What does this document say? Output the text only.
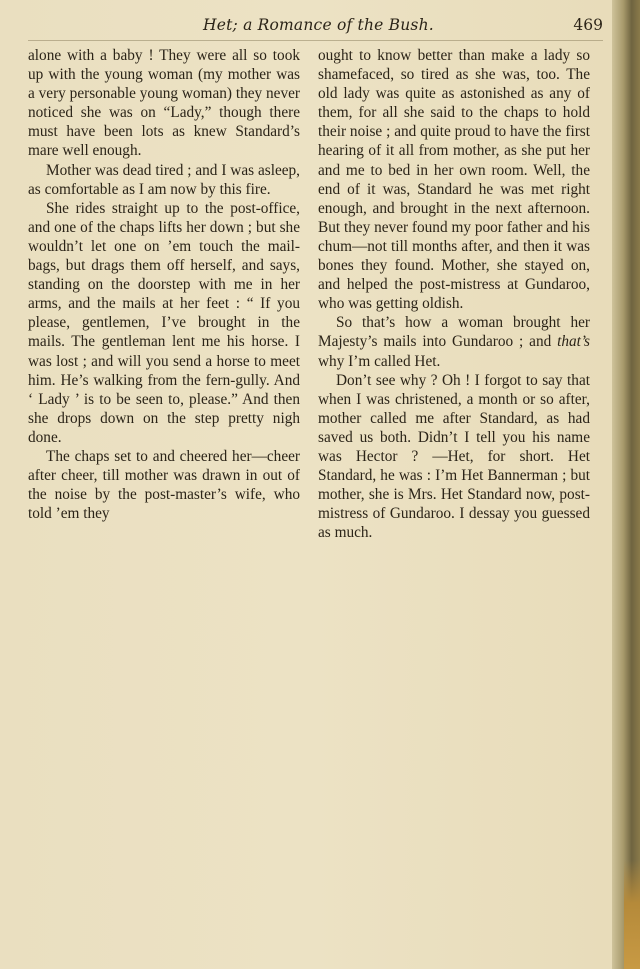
Het; a Romance of the Bush.	469

alone with a baby ! They were all so took up with the young woman (my mother was a very personable young woman) they never noticed she was on “Lady,” though there must have been lots as knew Standard’s mare well enough.

Mother was dead tired ; and I was asleep, as comfortable as I am now by this fire.

She rides straight up to the post-office, and one of the chaps lifts her down ; but she wouldn’t let one on ’em touch the mail-bags, but drags them off herself, and says, standing on the doorstep with me in her arms, and the mails at her feet : “ If you please, gentlemen, I’ve brought in the mails. The gentleman lent me his horse. I was lost ; and will you send a horse to meet him. He’s walking from the fern-gully. And ‘ Lady ’ is to be seen to, please.” And then she drops down on the step pretty nigh done.

The chaps set to and cheered her—cheer after cheer, till mother was drawn in out of the noise by the post-master’s wife, who told ’em they

ought to know better than make a lady so shamefaced, so tired as she was, too. The old lady was quite as astonished as any of them, for all she said to the chaps to hold their noise ; and quite proud to have the first hearing of it all from mother, as she put her and me to bed in her own room. Well, the end of it was, Standard he was met right enough, and brought in the next afternoon. But they never found my poor father and his chum—not till months after, and then it was bones they found. Mother, she stayed on, and helped the post-mistress at Gundaroo, who was getting oldish.

So that’s how a woman brought her Majesty’s mails into Gundaroo ; and that’s why I’m called Het.

Don’t see why ? Oh ! I forgot to say that when I was christened, a month or so after, mother called me after Standard, as had saved us both. Didn’t I tell you his name was Hector ? —Het, for short. Het Standard, he was : I’m Het Bannerman ; but mother, she is Mrs. Het Standard now, post-mistress of Gundaroo. I dessay you guessed as much.
